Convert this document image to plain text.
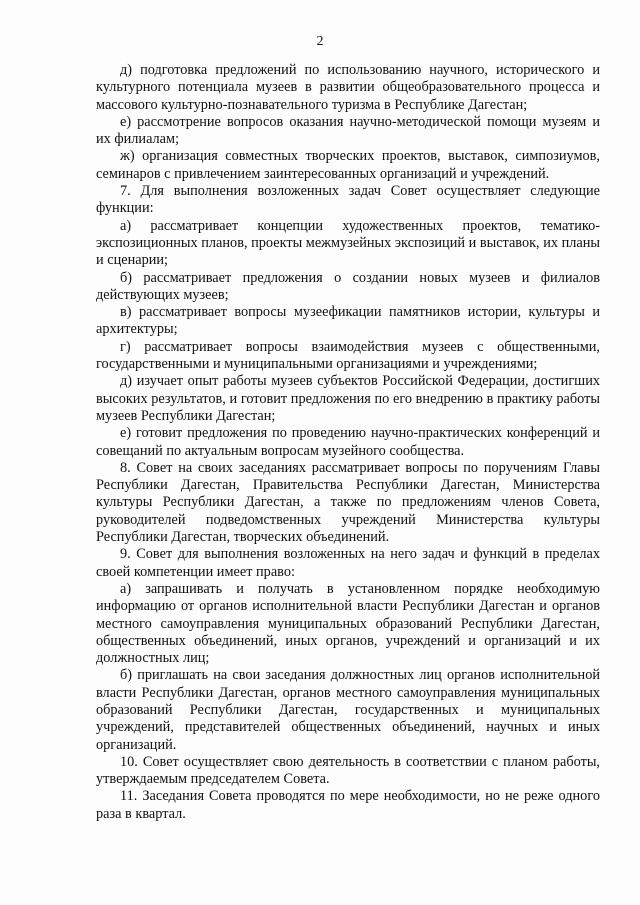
2

д) подготовка предложений по использованию научного, исторического и культурного потенциала музеев в развитии общеобразовательного процесса и массового культурно-познавательного туризма в Республике Дагестан;

е) рассмотрение вопросов оказания научно-методической помощи музеям и их филиалам;

ж) организация совместных творческих проектов, выставок, симпозиумов, семинаров с привлечением заинтересованных организаций и учреждений.

7. Для выполнения возложенных задач Совет осуществляет следующие функции:

а) рассматривает концепции художественных проектов, тематико-экспозиционных планов, проекты межмузейных экспозиций и выставок, их планы и сценарии;

б) рассматривает предложения о создании новых музеев и филиалов действующих музеев;

в) рассматривает вопросы музеефикации памятников истории, культуры и архитектуры;

г) рассматривает вопросы взаимодействия музеев с общественными, государственными и муниципальными организациями и учреждениями;

д) изучает опыт работы музеев субъектов Российской Федерации, достигших высоких результатов, и готовит предложения по его внедрению в практику работы музеев Республики Дагестан;

е) готовит предложения по проведению научно-практических конференций и совещаний по актуальным вопросам музейного сообщества.

8. Совет на своих заседаниях рассматривает вопросы по поручениям Главы Республики Дагестан, Правительства Республики Дагестан, Министерства культуры Республики Дагестан, а также по предложениям членов Совета, руководителей подведомственных учреждений Министерства культуры Республики Дагестан, творческих объединений.

9. Совет для выполнения возложенных на него задач и функций в пределах своей компетенции имеет право:

а) запрашивать и получать в установленном порядке необходимую информацию от органов исполнительной власти Республики Дагестан и органов местного самоуправления муниципальных образований Республики Дагестан, общественных объединений, иных органов, учреждений и организаций и их должностных лиц;

б) приглашать на свои заседания должностных лиц органов исполнительной власти Республики Дагестан, органов местного самоуправления муниципальных образований Республики Дагестан, государственных и муниципальных учреждений, представителей общественных объединений, научных и иных организаций.

10. Совет осуществляет свою деятельность в соответствии с планом работы, утверждаемым председателем Совета.

11. Заседания Совета проводятся по мере необходимости, но не реже одного раза в квартал.
